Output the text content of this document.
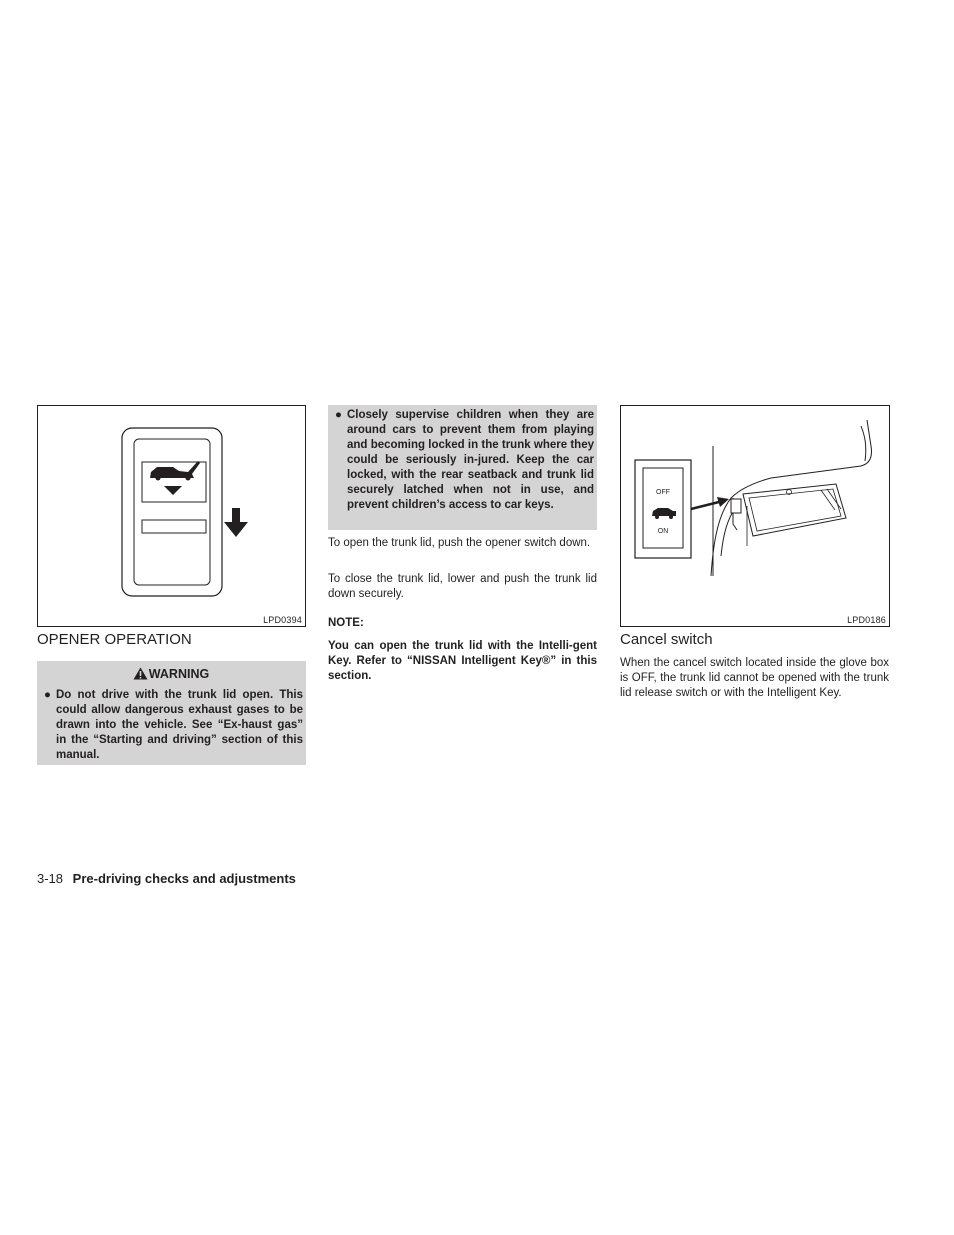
LPD0394
OPENER OPERATION
WARNING
● Do not drive with the trunk lid open. This could allow dangerous exhaust gases to be drawn into the vehicle. See “Ex-haust gas” in the “Starting and driving” section of this manual.
● Closely supervise children when they are around cars to prevent them from playing and becoming locked in the trunk where they could be seriously in-jured. Keep the car locked, with the rear seatback and trunk lid securely latched when not in use, and prevent children’s access to car keys.

To open the trunk lid, push the opener switch down.

To close the trunk lid, lower and push the trunk lid down securely.

NOTE:

You can open the trunk lid with the Intelli-gent Key. Refer to “NISSAN Intelligent Key®” in this section.

OFF
ON
LPD0186
Cancel switch

When the cancel switch located inside the glove box is OFF, the trunk lid cannot be opened with the trunk lid release switch or with the Intelligent Key.

3-18 Pre-driving checks and adjustments
